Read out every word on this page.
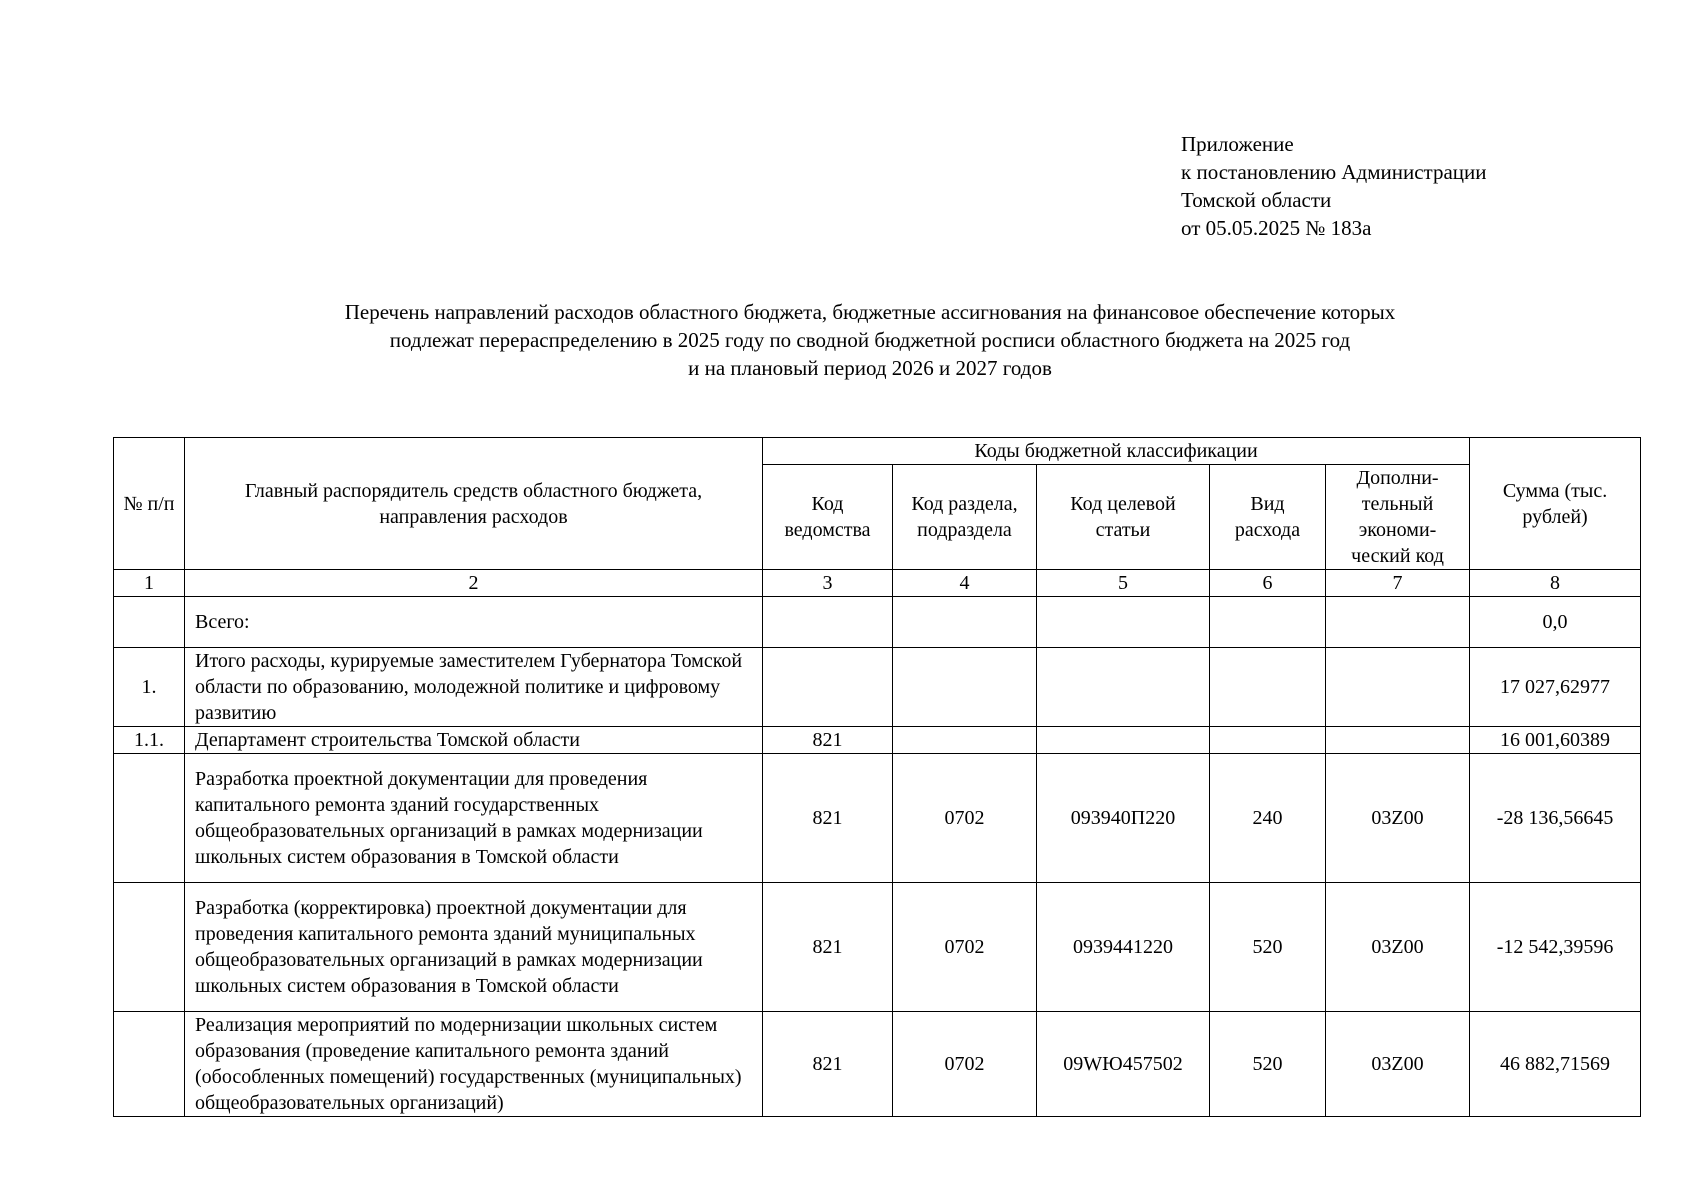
Приложение
к постановлению Администрации
Томской области
от 05.05.2025 № 183а
Перечень направлений расходов областного бюджета, бюджетные ассигнования на финансовое обеспечение которых
подлежат перераспределению в 2025 году по сводной бюджетной росписи областного бюджета на 2025 год
и на плановый период 2026 и 2027 годов
№ п/п	Главный распорядитель средств областного бюджета, направления расходов	Коды бюджетной классификации					Сумма (тыс. рублей)
		Код ведомства	Код раздела, подраздела	Код целевой статьи	Вид расхода	Дополни-тельный экономи-ческий код	
1	2	3	4	5	6	7	8
	Всего:						0,0
1.	Итого расходы, курируемые заместителем Губернатора Томской области по образованию, молодежной политике и цифровому развитию						17 027,62977
1.1.	Департамент строительства Томской области	821					16 001,60389
	Разработка проектной документации для проведения капитального ремонта зданий государственных общеобразовательных организаций в рамках модернизации школьных систем образования в Томской области	821	0702	093940П220	240	03Z00	-28 136,56645
	Разработка (корректировка) проектной документации для проведения капитального ремонта зданий муниципальных общеобразовательных организаций в рамках модернизации школьных систем образования в Томской области	821	0702	0939441220	520	03Z00	-12 542,39596
	Реализация мероприятий по модернизации школьных систем образования (проведение капитального ремонта зданий (обособленных помещений) государственных (муниципальных) общеобразовательных организаций)	821	0702	09WЮ457502	520	03Z00	46 882,71569
